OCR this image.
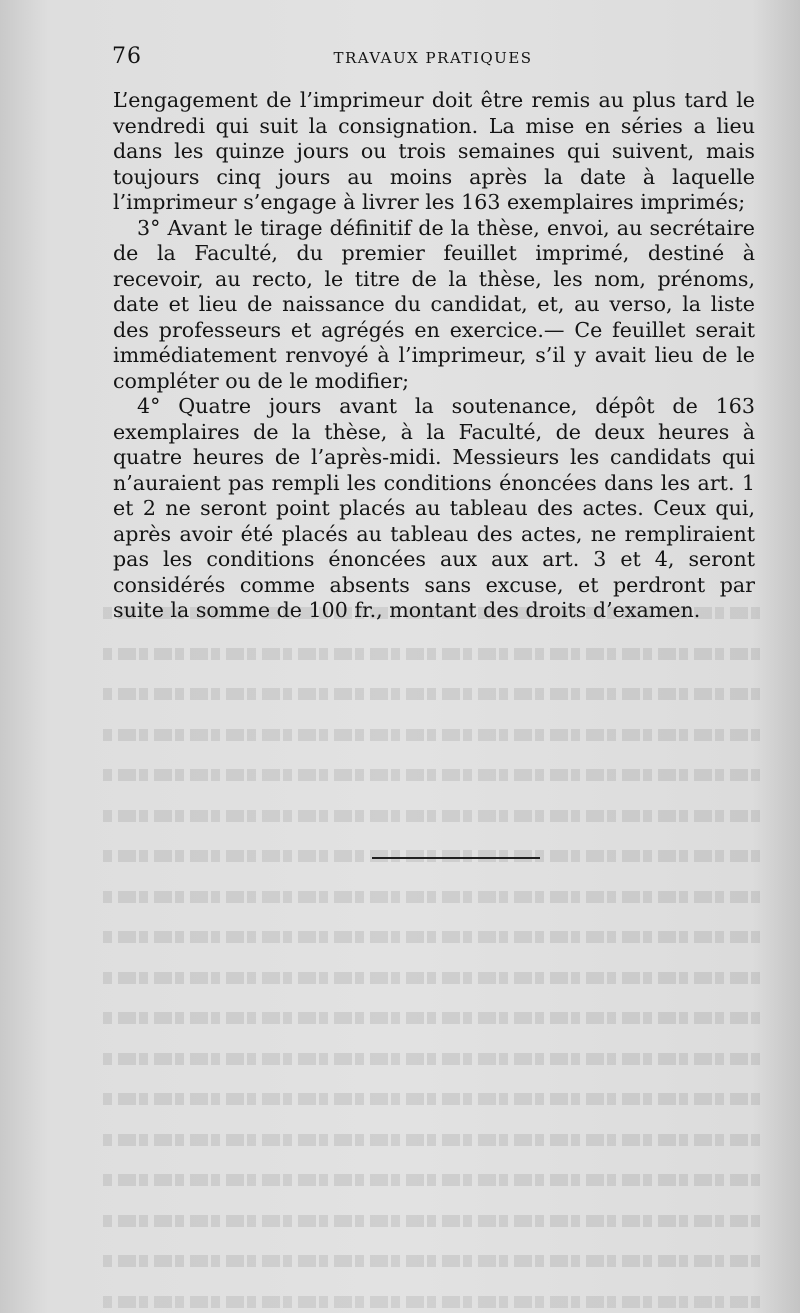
76	TRAVAUX PRATIQUES

L’engagement de l’imprimeur doit être remis au plus tard le vendredi qui suit la consignation. La mise en séries a lieu dans les quinze jours ou trois semaines qui suivent, mais toujours cinq jours au moins après la date à laquelle l’imprimeur s’engage à livrer les 163 exemplaires imprimés;

3° Avant le tirage définitif de la thèse, envoi, au secrétaire de la Faculté, du premier feuillet imprimé, destiné à recevoir, au recto, le titre de la thèse, les nom, prénoms, date et lieu de naissance du candidat, et, au verso, la liste des professeurs et agrégés en exercice.— Ce feuillet serait immédiatement renvoyé à l’imprimeur, s’il y avait lieu de le compléter ou de le modifier;

4° Quatre jours avant la soutenance, dépôt de 163 exemplaires de la thèse, à la Faculté, de deux heures à quatre heures de l’après-midi. Messieurs les candidats qui n’auraient pas rempli les conditions énoncées dans les art. 1 et 2 ne seront point placés au tableau des actes. Ceux qui, après avoir été placés au tableau des actes, ne rempliraient pas les conditions énoncées aux aux art. 3 et 4, seront considérés comme absents sans excuse, et perdront par suite la somme de 100 fr., montant des droits d’examen.
